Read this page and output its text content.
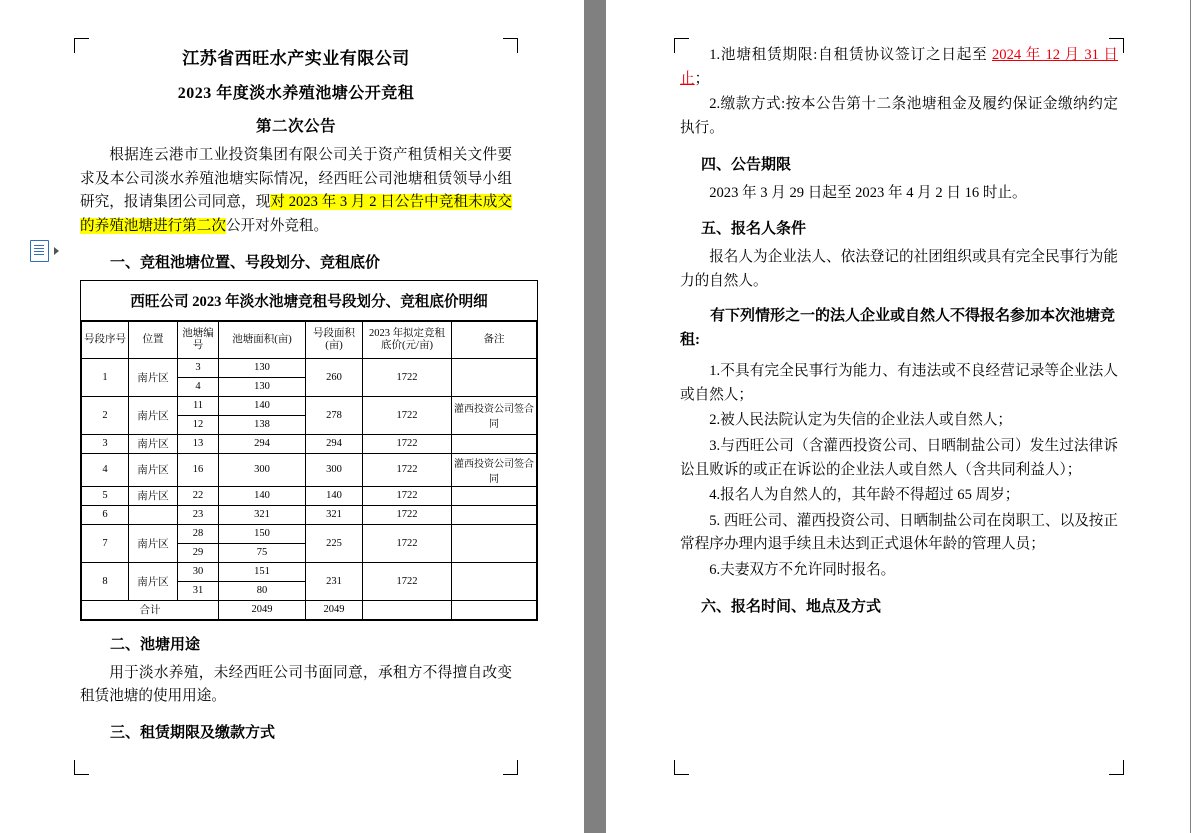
江苏省西旺水产实业有限公司
2023 年度淡水养殖池塘公开竞租
第二次公告

根据连云港市工业投资集团有限公司关于资产租赁相关文件要求及本公司淡水养殖池塘实际情况，经西旺公司池塘租赁领导小组研究，报请集团公司同意，现对 2023 年 3 月 2 日公告中竞租未成交的养殖池塘进行第二次公开对外竞租。

一、竞租池塘位置、号段划分、竞租底价
西旺公司 2023 年淡水池塘竞租号段划分、竞租底价明细
号段序号	位置	池塘编号	池塘面积(亩)	号段面积(亩)	2023 年拟定竞租底价(元/亩)	备注
1	南片区	3	130	260	1722	
		4	130			
2	南片区	11	140	278	1722	灌西投资公司签合同
		12	138			
3	南片区	13	294	294	1722	
4	南片区	16	300	300	1722	灌西投资公司签合同
5	南片区	22	140	140	1722	
6		23	321	321	1722	
7	南片区	28	150	225	1722	
		29	75			
8	南片区	30	151	231	1722	
		31	80			
合计			2049	2049		
二、池塘用途

用于淡水养殖，未经西旺公司书面同意，承租方不得擅自改变租赁池塘的使用用途。

三、租赁期限及缴款方式

1.池塘租赁期限:自租赁协议签订之日起至 2024 年 12 月 31 日止；

2.缴款方式:按本公告第十二条池塘租金及履约保证金缴纳约定执行。

四、公告期限

2023 年 3 月 29 日起至 2023 年 4 月 2 日 16 时止。

五、报名人条件

报名人为企业法人、依法登记的社团组织或具有完全民事行为能力的自然人。

有下列情形之一的法人企业或自然人不得报名参加本次池塘竞租:

1.不具有完全民事行为能力、有违法或不良经营记录等企业法人或自然人；

2.被人民法院认定为失信的企业法人或自然人；

3.与西旺公司（含灌西投资公司、日晒制盐公司）发生过法律诉讼且败诉的或正在诉讼的企业法人或自然人（含共同利益人）；

4.报名人为自然人的，其年龄不得超过 65 周岁；

5. 西旺公司、灌西投资公司、日晒制盐公司在岗职工、以及按正常程序办理内退手续且未达到正式退休年龄的管理人员；

6.夫妻双方不允许同时报名。

六、报名时间、地点及方式
